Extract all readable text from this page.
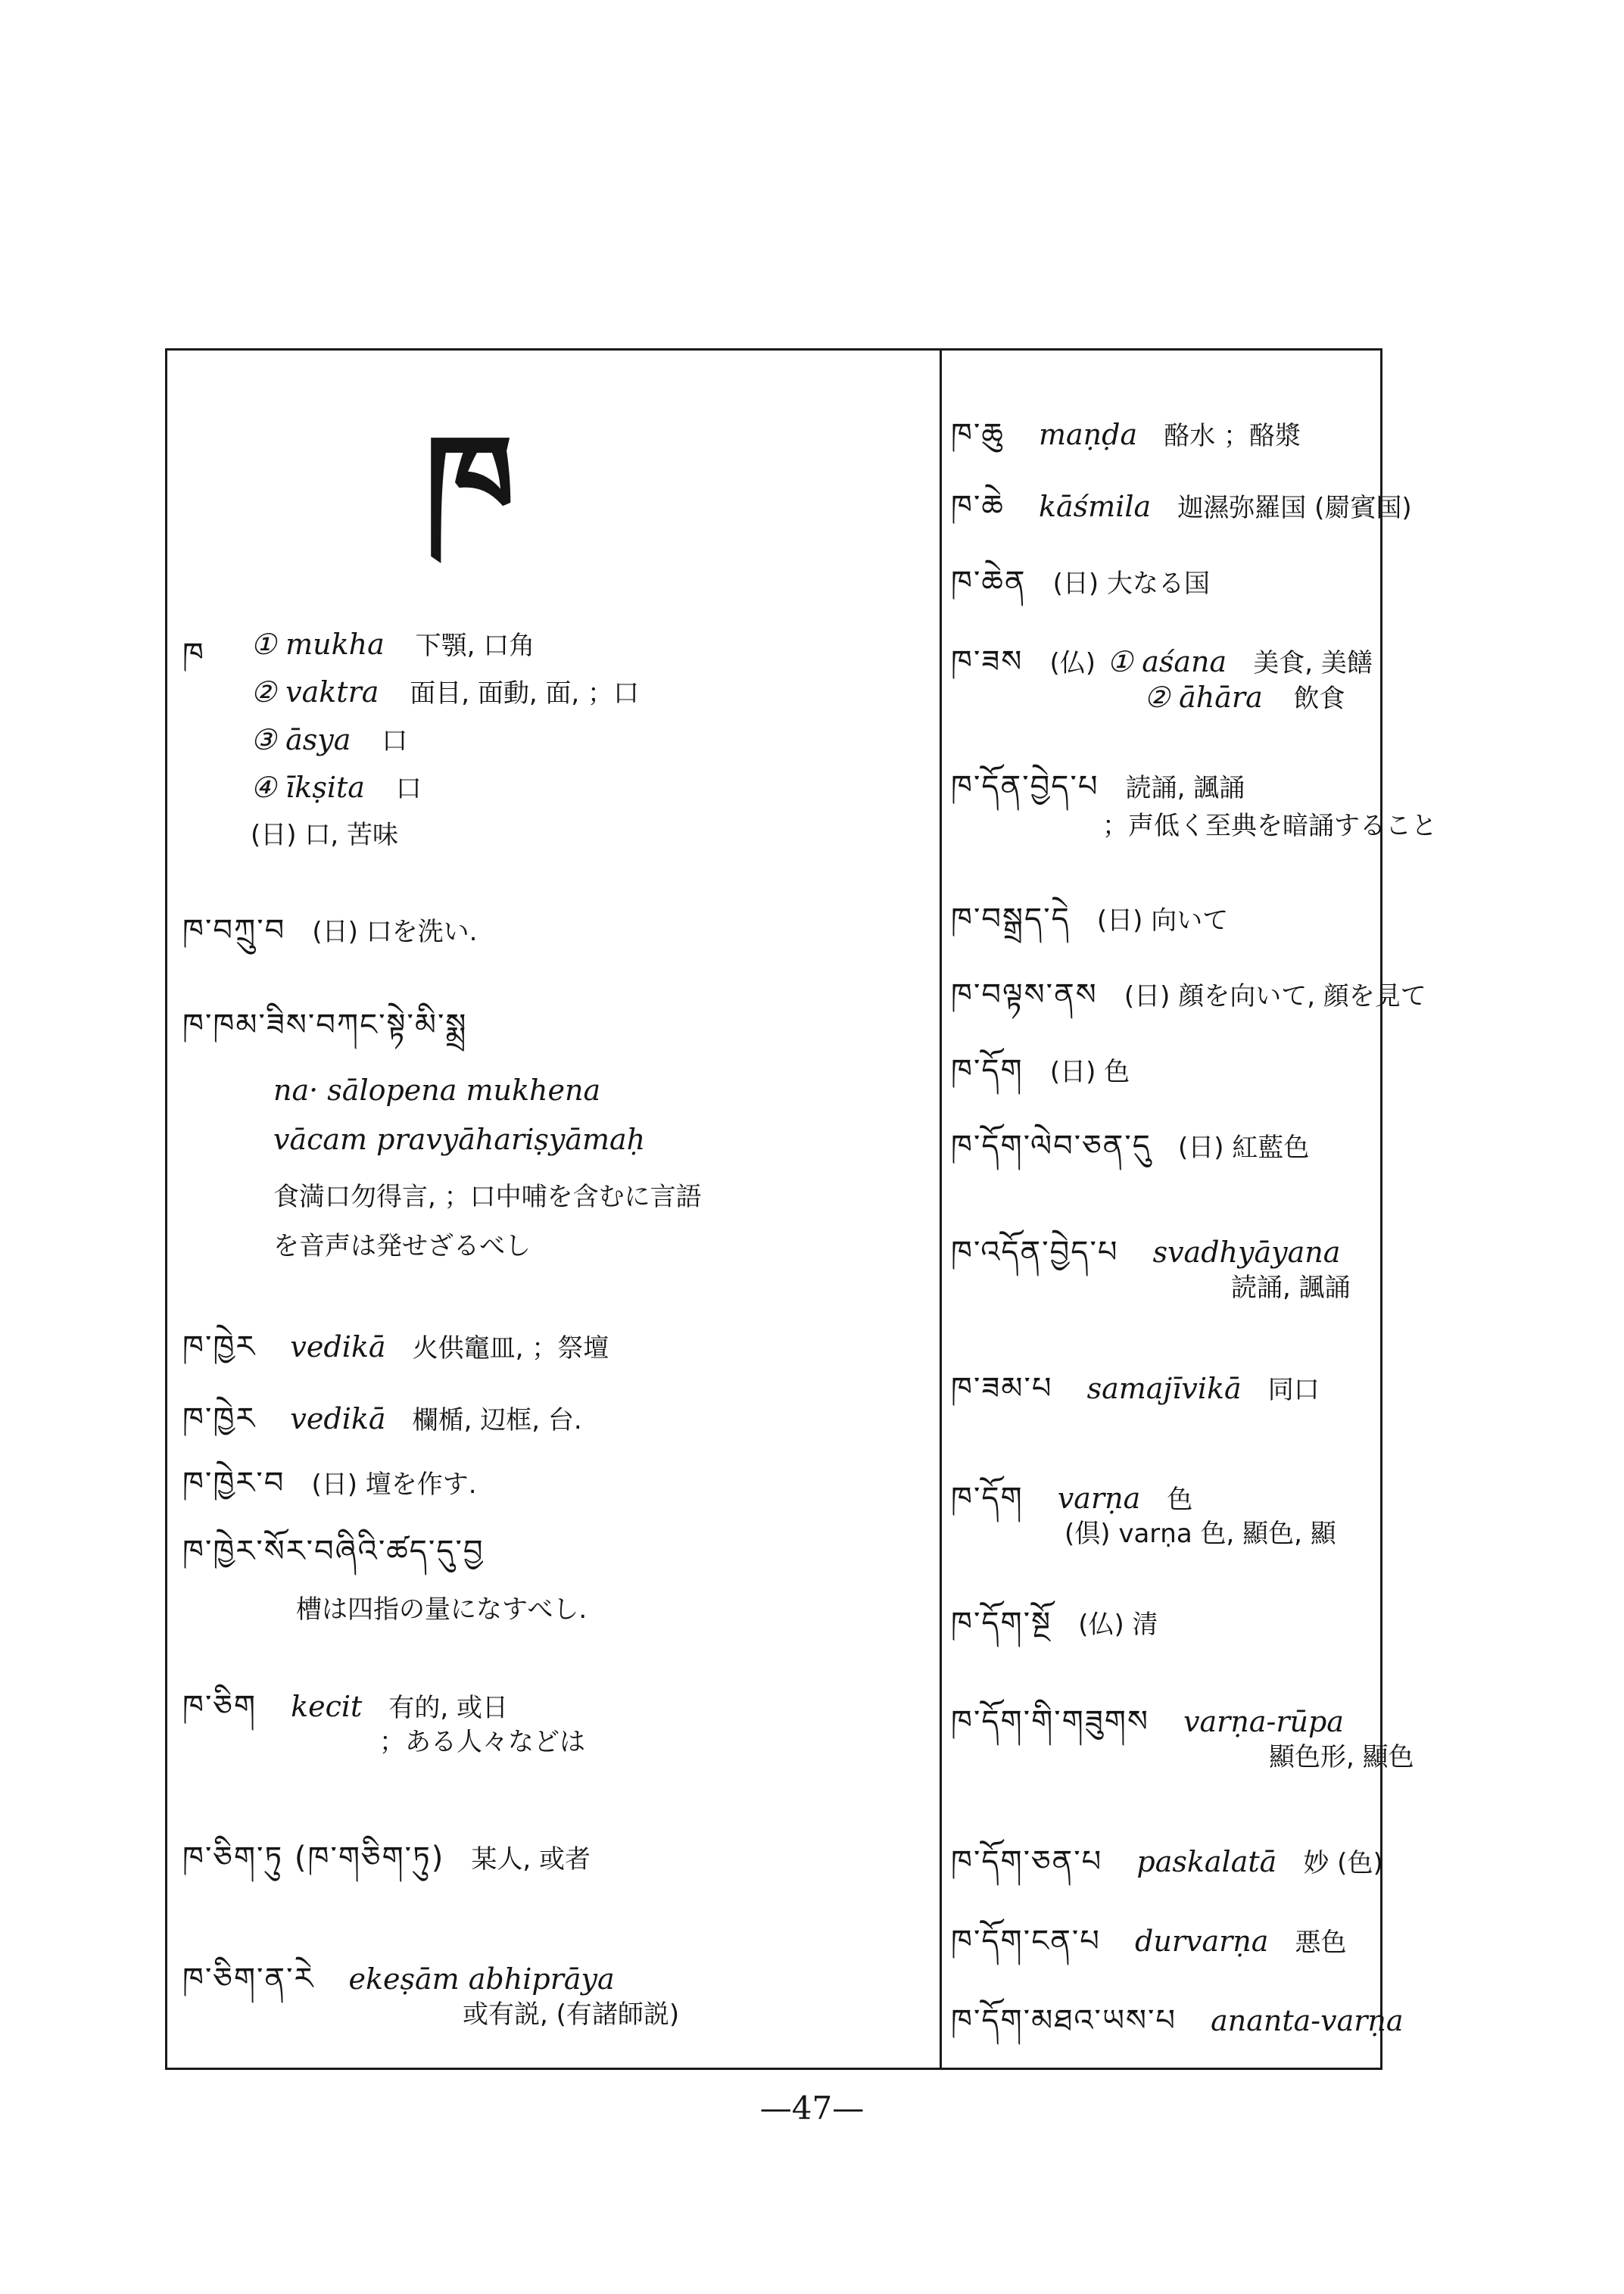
ཁ
ཁ ① mukha 下顎, 口角
② vaktra 面目, 面動, 面, ；口
③ āsya 口
④ īkṣita 口
(日) 口, 苦味
ཁ་བཀྲུ་བ (日) 口を洗い.
ཁ་ཁམ་ཟིས་བཀང་སྟེ་མི་སྨྲ
na· sālopena mukhena
vācam pravyāhariṣyāmaḥ
食満口勿得言, ；口中哺を含むに言語
を音声は発せざるべし
ཁ་ཁྱེར vedikā 火供竈皿, ；祭壇
ཁ་ཁྱེར vedikā 欄楯, 辺框, 台.
ཁ་ཁྱེར་བ (日) 壇を作す.
ཁ་ཁྱེར་སོར་བཞིའི་ཚད་དུ་བྱ
槽は四指の量になすべし.
ཁ་ཅིག kecit 有的, 或日
；ある人々などは
ཁ་ཅིག་ཏུ (ཁ་གཅིག་ཏུ) 某人, 或者
ཁ་ཅིག་ན་རེ ekeṣām abhiprāya
或有説, (有諸師説)
ཁ་ཆུ maṇḍa 酪水 ；酪漿
ཁ་ཆེ kāśmila 迦濕弥羅国 (罽賓国)
ཁ་ཆེན (日) 大なる国
ཁ་ཟས (仏) ① aśana 美食, 美饍
② āhāra 飲食
ཁ་དོན་བྱེད་པ 読誦, 諷誦
；声低く至典を暗誦すること
ཁ་བསྒྲད་དེ (日) 向いて
ཁ་བལྟས་ནས (日) 顔を向いて, 顔を見て
ཁ་དོག (日) 色
ཁ་དོག་ལེབ་ཅན་དུ (日) 紅藍色
ཁ་འདོན་བྱེད་པ svadhyāyana
読誦, 諷誦
ཁ་ཟམ་པ samajīvikā 同口
ཁ་དོག varṇa 色
(倶) varṇa 色, 顯色, 顯
ཁ་དོག་སྔོ (仏) 清
ཁ་དོག་གི་གཟུགས varṇa-rūpa
顯色形, 顯色
ཁ་དོག་ཅན་པ paskalatā 妙 (色)
ཁ་དོག་ངན་པ durvarṇa 悪色
ཁ་དོག་མཐའ་ཡས་པ ananta-varṇa
—47—
